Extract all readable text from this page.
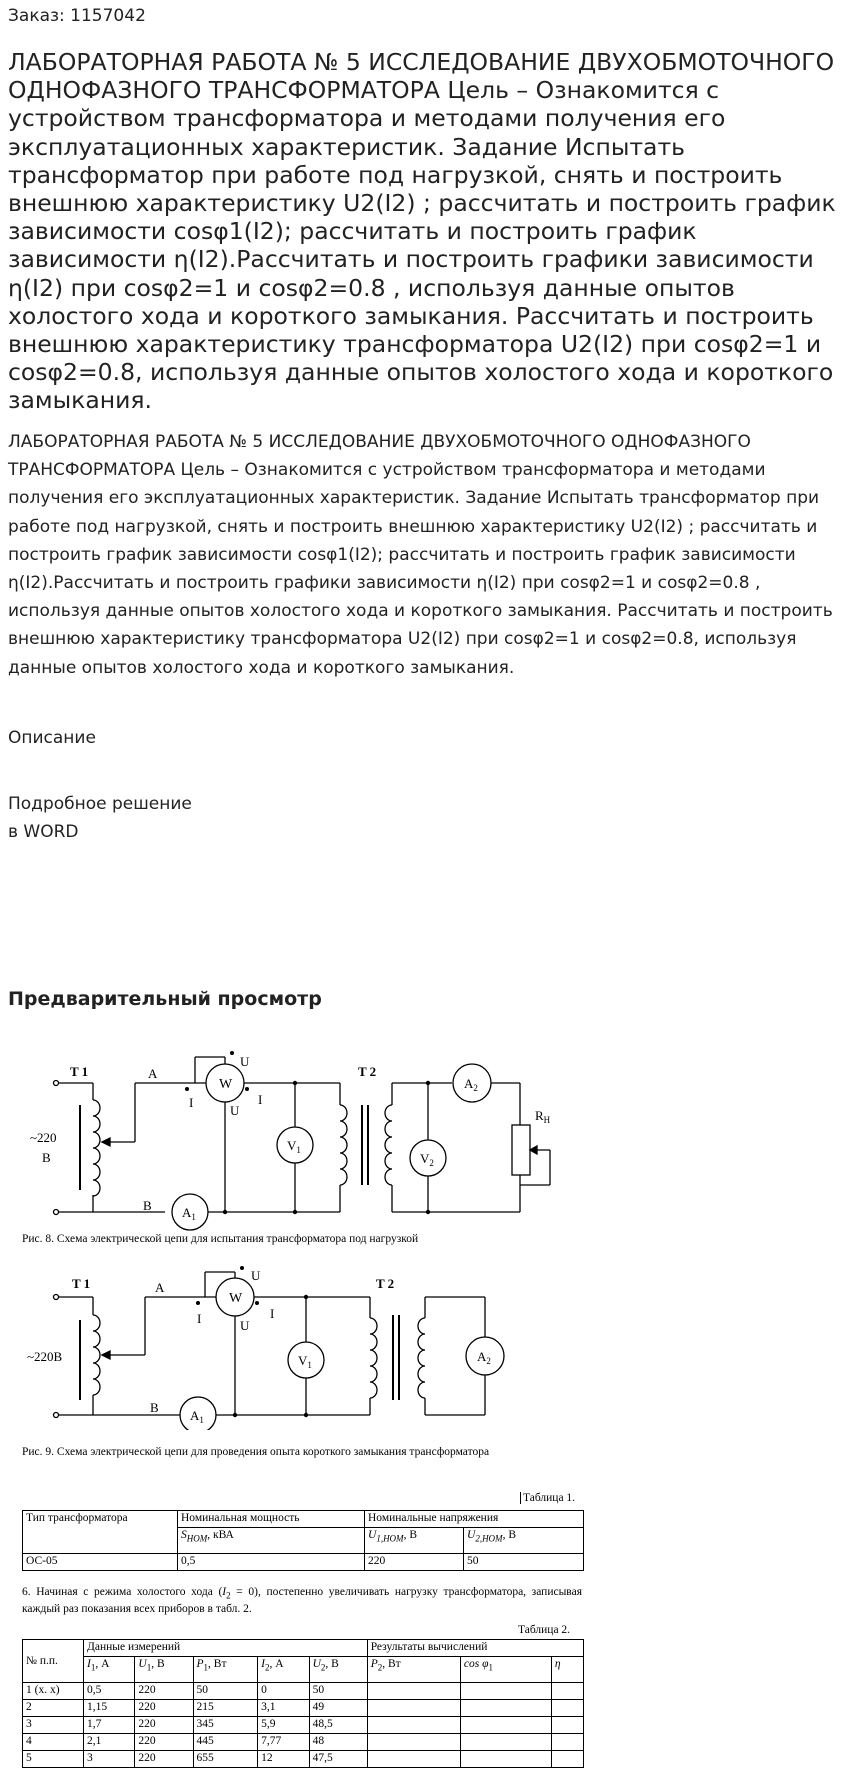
Заказ: 1157042
ЛАБОРАТОРНАЯ РАБОТА № 5 ИССЛЕДОВАНИЕ ДВУХОБМОТОЧНОГО ОДНОФАЗНОГО ТРАНСФОРМАТОРА Цель – Ознакомится с устройством трансформатора и методами получения его эксплуатационных характеристик. Задание Испытать трансформатор при работе под нагрузкой, снять и построить внешнюю характеристику U2(I2) ; рассчитать и построить график зависимости cosφ1(I2); рассчитать и построить график зависимости η(I2).Рассчитать и построить графики зависимости η(I2) при cosφ2=1 и cosφ2=0.8 , используя данные опытов холостого хода и короткого замыкания. Рассчитать и построить внешнюю характеристику трансформатора U2(I2) при cosφ2=1 и cosφ2=0.8, используя данные опытов холостого хода и короткого замыкания.

ЛАБОРАТОРНАЯ РАБОТА № 5 ИССЛЕДОВАНИЕ ДВУХОБМОТОЧНОГО ОДНОФАЗНОГО ТРАНСФОРМАТОРА Цель – Ознакомится с устройством трансформатора и методами получения его эксплуатационных характеристик. Задание Испытать трансформатор при работе под нагрузкой, снять и построить внешнюю характеристику U2(I2) ; рассчитать и построить график зависимости cosφ1(I2); рассчитать и построить график зависимости η(I2).Рассчитать и построить графики зависимости η(I2) при cosφ2=1 и cosφ2=0.8 , используя данные опытов холостого хода и короткого замыкания. Рассчитать и построить внешнюю характеристику трансформатора U2(I2) при cosφ2=1 и cosφ2=0.8, используя данные опытов холостого хода и короткого замыкания.

Описание
Подробное решение
в WORD
Предварительный просмотр
T 1	T 2
A
B
U
U
I	I
W
$V_1$
$V_2$
$A_1$
$A_2$
$R_Н$
~220
В
Рис. 8. Схема электрической цепи для испытания трансформатора под нагрузкой
T 1	T 2
A
B
U
U
I	I
W
$V_1$
$A_1$
$A_2$
~220В
Рис. 9. Схема электрической цепи для проведения опыта короткого замыкания трансформатора
Таблица 1.
Тип трансформатора	Номинальная мощность	Номинальные напряжения	
	$S_{НОМ}$, кВА	$U_{1,НОМ}$, В	$U_{2,НОМ}$, В
ОС-05	0,5	220	50
6. Начиная с режима холостого хода $(I_2 = 0)$, постепенно увеличивать нагрузку трансформатора, записывая каждый раз показания всех приборов в табл. 2.
Таблица 2.
№ п.п.	Данные измерений					Результаты вычислений		
	$I_1$, А	$U_1$, В	$P_1$, Вт	$I_2$, А	$U_2$, В	$P_2$, Вт	$\cos \varphi_1$	η
1 (х. х)	0,5	220	50	0	50			
2	1,15	220	215	3,1	49			
3	1,7	220	345	5,9	48,5			
4	2,1	220	445	7,77	48			
5	3	220	655	12	47,5			
